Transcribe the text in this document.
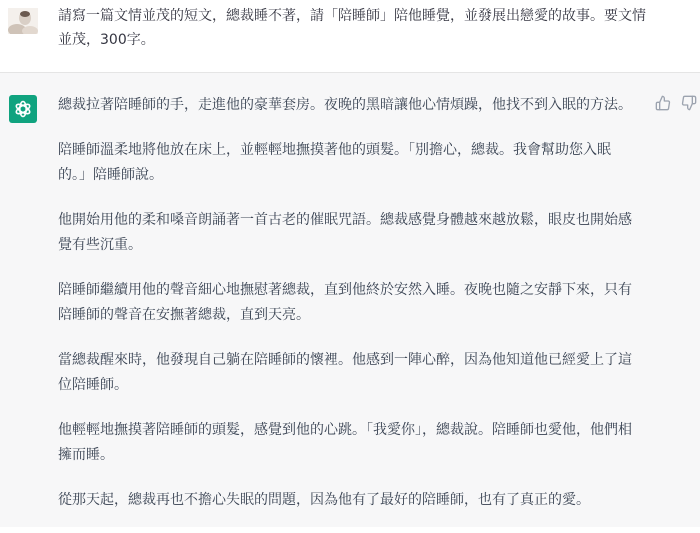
請寫一篇文情並茂的短文，總裁睡不著，請「陪睡師」陪他睡覺，並發展出戀愛的故事。要文情並茂，300字。

總裁拉著陪睡師的手，走進他的豪華套房。夜晚的黑暗讓他心情煩躁，他找不到入眠的方法。

陪睡師溫柔地將他放在床上，並輕輕地撫摸著他的頭髮。「別擔心，總裁。我會幫助您入眠的。」陪睡師說。

他開始用他的柔和嗓音朗誦著一首古老的催眠咒語。總裁感覺身體越來越放鬆，眼皮也開始感覺有些沉重。

陪睡師繼續用他的聲音細心地撫慰著總裁，直到他終於安然入睡。夜晚也隨之安靜下來，只有陪睡師的聲音在安撫著總裁，直到天亮。

當總裁醒來時，他發現自己躺在陪睡師的懷裡。他感到一陣心醉，因為他知道他已經愛上了這位陪睡師。

他輕輕地撫摸著陪睡師的頭髮，感覺到他的心跳。「我愛你」，總裁說。陪睡師也愛他，他們相擁而睡。

從那天起，總裁再也不擔心失眠的問題，因為他有了最好的陪睡師，也有了真正的愛。
